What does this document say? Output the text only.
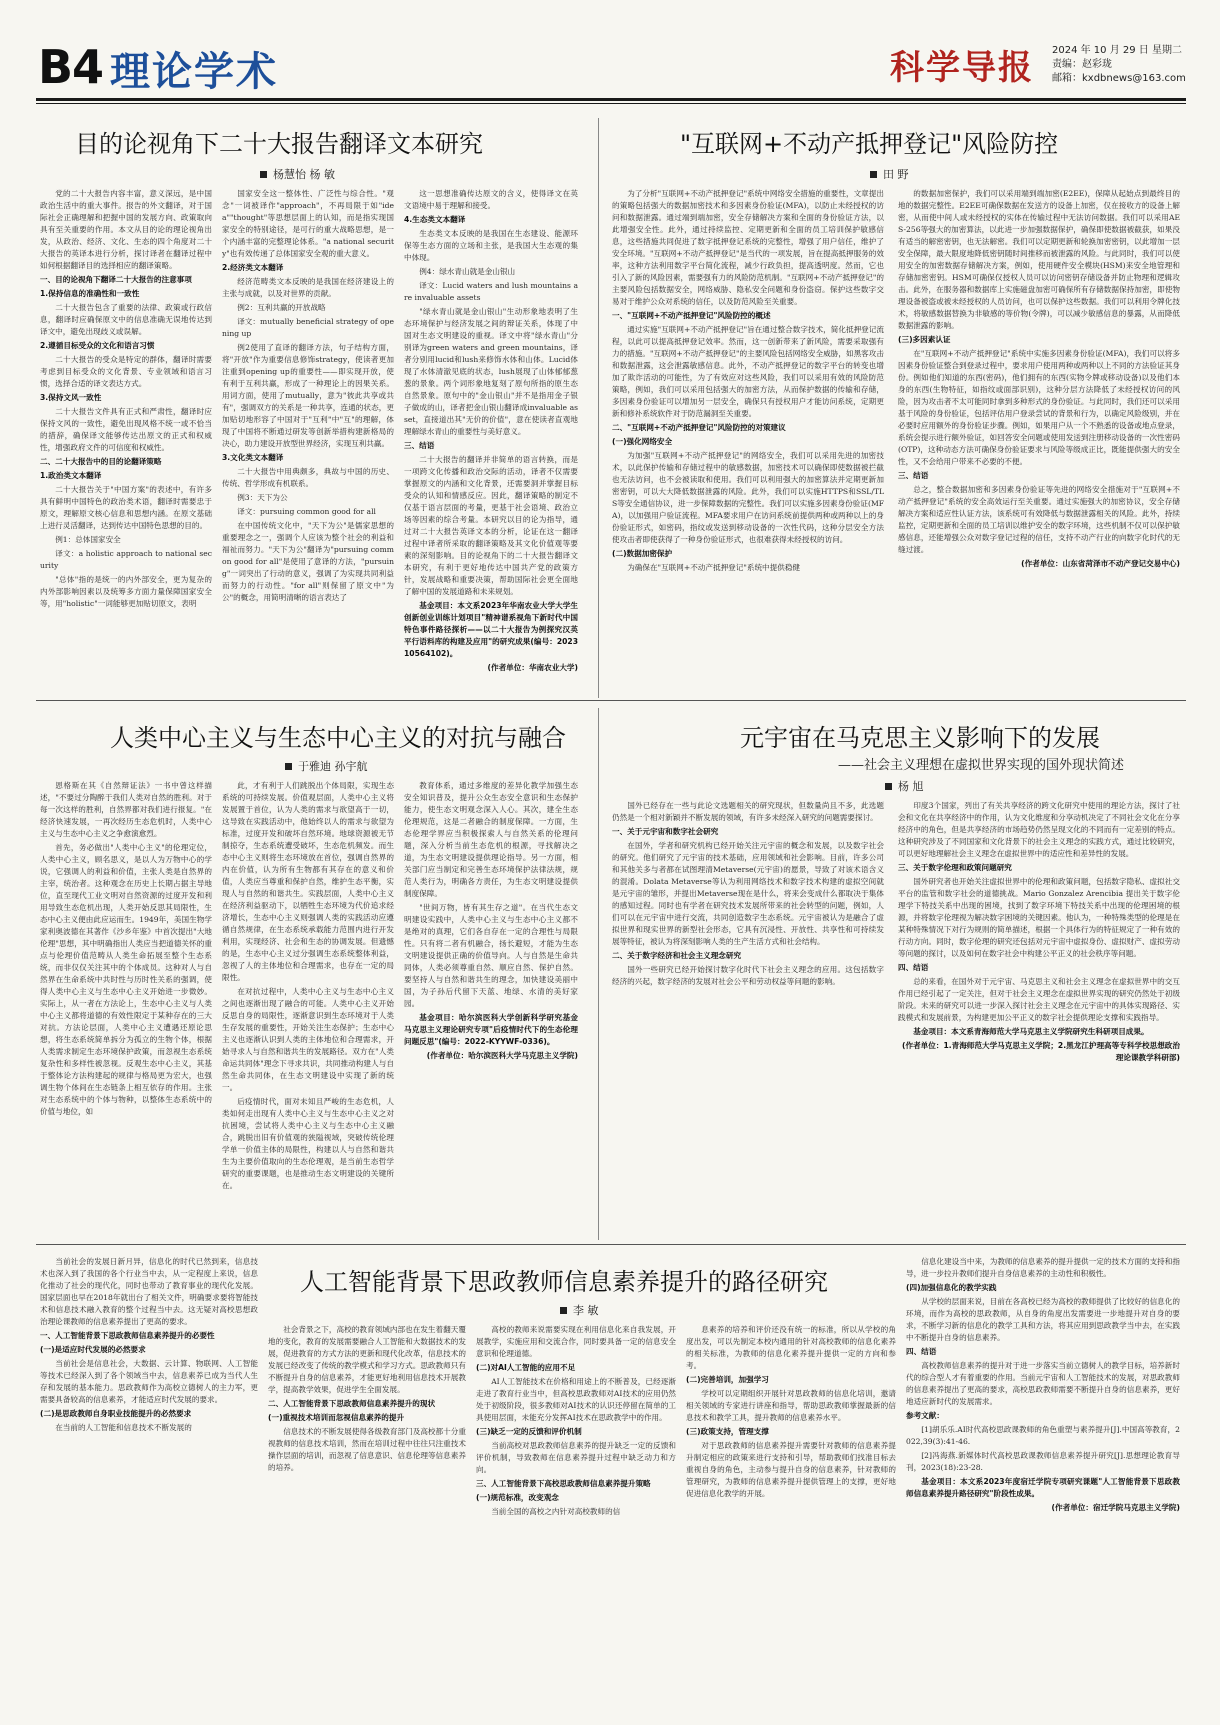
B4 理论学术	科学导报 2024 年 10 月 29 日 星期二
责编：赵彩珑
邮箱：kxdbnews@163.com
目的论视角下二十大报告翻译文本研究
杨慧怡 杨 敏

党的二十大报告内容丰富，意义深远，是中国政治生活中的重大事件。报告的外文翻译，对于国际社会正确理解和把握中国的发展方向、政策取向具有至关重要的作用。本文从目的论的理论视角出发，从政治、经济、文化、生态的四个角度对二十大报告的英译本进行分析，探讨译者在翻译过程中如何根据翻译目的选择相应的翻译策略。

一、目的论视角下翻译二十大报告的注意事项

1.保持信息的准确性和一致性

二十大报告包含了重要的法律、政策或行政信息，翻译时应确保原文中的信息准确无误地传达到译文中，避免出现歧义或误解。

2.遵循目标受众的文化和语言习惯

二十大报告的受众是特定的群体，翻译时需要考虑到目标受众的文化背景、专业领域和语言习惯，选择合适的译文表达方式。

3.保持文风一致性

二十大报告文件具有正式和严肃性，翻译时应保持文风的一致性，避免出现风格不统一或不恰当的措辞，确保译文能够传达出原文的正式和权威性，增强政府文件的可信度和权威性。

二、二十大报告中的目的论翻译策略

1.政治类文本翻译

二十大报告关于"中国方案"的表述中，有许多具有鲜明中国特色的政治类术语，翻译时需要忠于原文，理解原文核心信息和思想内涵。在原文基础上进行灵活翻译，达到传达中国特色思想的目的。

例1：总体国家安全

译文：a holistic approach to national security

"总体"指的是统一的内外部安全，更为复杂的内外部影响因素以及统筹多方面力量保障国家安全等，用"holistic"一词能够更加贴切原文，表明

国家安全这一整体性、广泛性与综合性。"观念"一词被译作"approach"，不再局限于如"idea""thought"等思想层面上的认知，而是指实现国家安全的特别途径，是可行的重大战略思想，是一个内涵丰富的完整理论体系。"a national security"也有效传递了总体国家安全观的重大意义。

2.经济类文本翻译

经济范畴类文本反映的是我国在经济建设上的主张与成就，以及对世界的贡献。

例2：互利共赢的开放战略

译文：mutually beneficial strategy of opening up

例2使用了直译的翻译方法，句子结构方面，将"开放"作为重要信息修饰strategy，使读者更加注重到opening up的重要性——即实现开放，使有利于互利共赢，形成了一种理论上的因果关系。用词方面，使用了mutually，意为"彼此共享或共有"，强调双方的关系是一种共享，连通的状态，更加贴切地形容了中国对于"互利"中"互"的理解，体现了中国将不断通过研发等创新举措构建新格局的决心，助力建设开放型世界经济，实现互利共赢。

3.文化类文本翻译

二十大报告中用典颇多，典故与中国的历史、传统、哲学形成有机联系。

例3：天下为公

译文：pursuing common good for all

在中国传统文化中，"天下为公"是儒家思想的重要理念之一，强调个人应该为整个社会的利益和福祉而努力。"天下为公"翻译为"pursuing common good for all"是使用了意译的方法，"pursuing"一词突出了行动的意义，强调了为实现共同利益而努力的行动性。"for all"则保留了原文中"为公"的概念，用简明清晰的语言表达了

这一思想准确传达原文的含义，使得译文在英文语境中易于理解和接受。

4.生态类文本翻译

生态类文本反映的是我国在生态建设、能源环保等生态方面的立场和主张，是我国大生态观的集中体现。

例4：绿水青山就是金山银山

译文：Lucid waters and lush mountains are invaluable assets

"绿水青山就是金山银山"生动形象地表明了生态环境保护与经济发展之间的辩证关系，体现了中国对生态文明建设的重视。译文中将"绿水青山"分别译为green waters and green mountains，译者分别用lucid和lush来修饰水体和山体。Lucid体现了水体清澈见底的状态，lush展现了山体郁郁葱葱的景象。两个词形象地复刻了原句所指的原生态自然景象。原句中的"金山银山"并不是指用金子银子做成的山，译者把金山银山翻译成invaluable asset，直接道出其"无价的价值"，意在使读者直观地理解绿水青山的重要性与美好意义。

三、结语

二十大报告的翻译并非简单的语言转换，而是一项跨文化传播和政治交际的活动，译者不仅需要掌握原文的内涵和文化背景，还需要洞并掌握目标受众的认知和情感反应。因此，翻译策略的制定不仅基于语言层面的考量，更基于社会语境、政治立场等因素的综合考量。本研究以目的论为指导，通过对二十大报告英译文本的分析，论证在这一翻译过程中译者所采取的翻译策略及其文化价值观等要素的深刻影响。目的论视角下的二十大报告翻译文本研究，有利于更好地传达中国共产党的政策方针，发展战略和重要决策，帮助国际社会更全面地了解中国的发展道路和未来规划。

基金项目：本文系2023年华南农业大学大学生创新创业训练计划项目"精神谱系视角下新时代中国特色事件路径探析——以二十大报告为例探究汉英平行语料库的构建及应用"的研究成果(编号：202310564102)。

(作者单位：华南农业大学)

"互联网+不动产抵押登记"风险防控
田 野

为了分析"互联网+不动产抵押登记"系统中网络安全措施的重要性，文章提出的策略包括强大的数据加密技术和多因素身份验证(MFA)，以防止未经授权的访问和数据泄露。通过端到端加密，安全存储解决方案和全面的身份验证方法，以此增强安全性。此外，通过持续监控、定期更新和全面的员工培训保护敏感信息，这些措施共同促进了数字抵押登记系统的完整性，增强了用户信任，维护了安全环境。"互联网+不动产抵押登记"是当代的一项发展，旨在提高抵押服务的效率，这种方法利用数字平台简化流程，减少行政负担，提高透明度。然而，它也引入了新的风险因素，需要强有力的风险防范机制。"互联网+不动产抵押登记"的主要风险包括数据安全，网络威胁、隐私安全问题和身份盗窃。保护这些数字交易对于维护公众对系统的信任，以及防范风险至关重要。

一、"互联网+不动产抵押登记"风险防控的概述

通过实施"互联网+不动产抵押登记"旨在通过整合数字技术，简化抵押登记流程，以此可以提高抵押登记效率。然而，这一创新带来了新风险，需要采取强有力的措施。"互联网+不动产抵押登记"的主要风险包括网络安全威胁，如黑客攻击和数据泄露，这会泄露敏感信息。此外，不动产抵押登记的数字平台的转变也增加了欺诈活动的可能性，为了有效应对这些风险，我们可以采用有效的风险防范策略，例如，我们可以采用包括强大的加密方法，从而保护数据的传输和存储，多因素身份验证可以增加另一层安全，确保只有授权用户才能访问系统，定期更新和修补系统软件对于防范漏洞至关重要。

二、"互联网+不动产抵押登记"风险防控的对策建议

(一)强化网络安全

为加强"互联网+不动产抵押登记"的网络安全，我们可以采用先进的加密技术，以此保护传输和存储过程中的敏感数据，加密技术可以确保即使数据被拦截也无法访问，也不会被读取和使用。我们可以利用强大的加密算法并定期更新加密密钥，可以大大降低数据泄露的风险。此外，我们可以实施HTTPS和SSL/TLS等安全通信协议，进一步保障数据的完整性。我们可以实施多因素身份验证(MFA)，以加强用户验证流程。MFA要求用户在访问系统前提供两种或两种以上的身份验证形式，如密码，指纹或发送到移动设备的一次性代码，这种分层安全方法使攻击者即使获得了一种身份验证形式，也很难获得未经授权的访问。

(二)数据加密保护

为确保在"互联网+不动产抵押登记"系统中提供稳健

的数据加密保护，我们可以采用端到端加密(E2EE)，保障从起始点到最终目的地的数据完整性。E2EE可确保数据在发送方的设备上加密，仅在接收方的设备上解密，从而使中间人或未经授权的实体在传输过程中无法访问数据。我们可以采用AES-256等强大的加密算法，以此进一步加强数据保护，确保即使数据被截获，如果没有适当的解密密钥，也无法解密。我们可以定期更新和轮换加密密钥，以此增加一层安全保障，最大限度地降低密钥随时间推移而被泄露的风险。与此同时，我们可以使用安全的加密数据存储解决方案，例如，使用硬件安全模块(HSM)来安全地管理和存储加密密钥。HSM可确保仅授权人员可以访问密钥存储设备并防止物理和逻辑攻击。此外，在服务器和数据库上实施磁盘加密可确保所有存储数据保持加密，即使物理设备被盗或被未经授权的人员访问，也可以保护这些数据。我们可以利用令牌化技术，将敏感数据替换为非敏感的等价物(令牌)，可以减少敏感信息的暴露，从而降低数据泄露的影响。

(三)多因素认证

在"互联网+不动产抵押登记"系统中实施多因素身份验证(MFA)，我们可以将多因素身份验证整合到登录过程中，要求用户使用两种或两种以上不同的方法验证其身份。例如他们知道的东西(密码)，他们拥有的东西(实物令牌或移动设备)以及他们本身的东西(生物特征，如指纹或面部识别)，这种分层方法降低了未经授权访问的风险，因为攻击者不太可能同时拿到多种形式的身份验证。与此同时，我们还可以采用基于风险的身份验证，包括评估用户登录尝试的背景和行为，以确定风险级别，并在必要时应用额外的身份验证步骤。例如，如果用户从一个不熟悉的设备或地点登录，系统会提示进行额外验证，如回答安全问题或使用发送到注册移动设备的一次性密码(OTP)，这种动态方法可确保身份验证要求与风险等级成正比，既能提供强大的安全性，又不会给用户带来不必要的不便。

三、结语

总之，整合数据加密和多因素身份验证等先进的网络安全措施对于"互联网+不动产抵押登记"系统的安全高效运行至关重要。通过实施强大的加密协议，安全存储解决方案和适应性认证方法，该系统可有效降低与数据泄露相关的风险。此外，持续监控，定期更新和全面的员工培训以维护安全的数字环境，这些机制不仅可以保护敏感信息，还能增强公众对数字登记过程的信任，支持不动产行业的向数字化时代的无缝过渡。

(作者单位：山东省菏泽市不动产登记交易中心)

人类中心主义与生态中心主义的对抗与融合
于雅迪 孙宇航

恩格斯在其《自然辩证法》一书中曾这样描述，"不要过分陶醉于我们人类对自然的胜利。对于每一次这样的胜利，自然界都对我们进行报复。"在经济快速发展，一再次经历生态危机时，人类中心主义与生态中心主义之争愈演愈烈。

首先，务必做出"人类中心主义"的伦理定位，人类中心主义，顾名思义，是以人为万物中心的学说，它强调人的利益和价值，主张人类是自然界的主宰，统治者。这种观念在历史上长期占据主导地位，直至现代工业文明对自然资源的过度开发和利用导致生态危机出现，人类开始反思其局限性，生态中心主义便由此应运而生。1949年，美国生物学家利奥波德在其著作《沙乡年鉴》中首次提出"大地伦理"思想，其中明确指出人类应当把道德关怀的重点与伦理价值范畴从人类生命拓展至整个生态系统，而非仅仅关注其中的个体成员。这种对人与自然界在生命系统中共时性与历时性关系的强调，使得人类中心主义与生态中心主义开始进一步微妙。实际上，从一者在方法论上，生态中心主义与人类中心主义都将道德的有效性限定于某种存在的三大对抗。方法论层面，人类中心主义遭遇还原论思想，将生态系统简单拆分为孤立的生物个体，根据人类需求制定生态环境保护政策，而忽视生态系统复杂性和多样性被忽视。反观生态中心主义，其基于整体论方法构建起的规律与格局更为宏大，也强调生物个体间在生态链条上相互依存的作用。主张对生态系统中的个体与物种，以整体生态系统中的价值与地位，如

此，才有利于人们跳脱出个体局限，实现生态系统的可持续发展。价值观层面，人类中心主义将发展置于首位，认为人类的需求与欲望高于一切，这导致在实践活动中，他始终以人的需求与欲望为标准，过度开发和破坏自然环境。地球资源被无节制掠夺，生态系统遭受破坏，生态危机频发。而生态中心主义则将生态环境放在首位，强调自然界的内在价值，认为所有生物都有其存在的意义和价值，人类应当尊重和保护自然，维护生态平衡，实现人与自然的和谐共生。实践层面，人类中心主义在经济利益驱动下，以牺牲生态环境为代价追求经济增长，生态中心主义则强调人类的实践活动应遵循自然规律，在生态系统承载能力范围内进行开发利用，实现经济、社会和生态的协调发展。但遗憾的是，生态中心主义过分强调生态系统整体利益，忽视了人的主体地位和合理需求，也存在一定的局限性。

在对抗过程中，人类中心主义与生态中心主义之间也逐渐出现了融合的可能。人类中心主义开始反思自身的局限性，逐渐意识到生态环境对于人类生存发展的重要性，开始关注生态保护；生态中心主义也逐渐认识到人类的主体地位和合理需求，开始寻求人与自然和谐共生的发展路径。双方在"人类命运共同体"理念下寻求共识，共同推动构建人与自然生命共同体，在生态文明建设中实现了新的统一。

后疫情时代，面对未知且严峻的生态危机，人类如何走出现有人类中心主义与生态中心主义之对抗困境，尝试将人类中心主义与生态中心主义融合，跳脱出旧有价值观的狭隘视域，突破传统伦理学单一价值主体的局限性，构建以人与自然和谐共生为主要价值取向的生态伦理观，是当前生态哲学研究的重要课题，也是推动生态文明建设的关键所在。

教育体系，通过多维度的差异化教学加强生态安全知识普及，提升公众生态安全意识和生态保护能力，使生态文明观念深入人心。其次，建全生态伦理规范，这是二者融合的制度保障。一方面，生态伦理学界应当积极探索人与自然关系的伦理问题，深入分析当前生态危机的根源，寻找解决之道，为生态文明建设提供理论指导。另一方面，相关部门应当制定和完善生态环境保护法律法规，规范人类行为，明确各方责任，为生态文明建设提供制度保障。

"世间万物，皆有其生存之道"。在当代生态文明建设实践中，人类中心主义与生态中心主义都不是绝对的真理，它们各自存在一定的合理性与局限性。只有将二者有机融合，扬长避短，才能为生态文明建设提供正确的价值导向。人与自然是生命共同体，人类必须尊重自然、顺应自然、保护自然。要坚持人与自然和谐共生的理念，加快建设美丽中国，为子孙后代留下天蓝、地绿、水清的美好家园。

基金项目：哈尔滨医科大学创新科学研究基金马克思主义理论研究专项"后疫情时代下的生态伦理问题反思"(编号：2022-KYYWF-0336)。

(作者单位：哈尔滨医科大学马克思主义学院)

元宇宙在马克思主义影响下的发展
——社会主义理想在虚拟世界实现的国外现状简述
杨 旭

国外已经存在一些与此论文选题相关的研究现状，但数量尚且不多，此选题仍然是一个相对新颖并不断发展的领域，有许多未经深入研究的问题需要探讨。

一、关于元宇宙和数字社会研究

在国外，学者和研究机构已经开始关注元宇宙的概念和发展，以及数字社会的研究。他们研究了元宇宙的技术基础，应用领域和社会影响。目前，许多公司和其他关多与者都在试图理清Metaverse(元宇宙)的愿景，导致了对该术语含义的混淆。Dolata Metaverse等认为利用网络技术和数字技术构建的虚拟空间就是元宇宙的雏形，并提出Metaverse现在是什么，将来会变成什么都取决于集体的感知过程。同时也有学者在研究技术发展所带来的社会转型的问题，例如，人们可以在元宇宙中进行交流，共同创造数字生态系统。元宇宙被认为是融合了虚拟世界和现实世界的新型社会形态，它具有沉浸性、开放性、共享性和可持续发展等特征，被认为将深刻影响人类的生产生活方式和社会结构。

二、关于数字经济和社会主义理念研究

国外一些研究已经开始探讨数字化时代下社会主义理念的应用。这包括数字经济的兴起，数字经济的发展对社会公平和劳动权益等问题的影响。

印度3个国家，列出了有关共享经济的跨文化研究中使用的理论方法，探讨了社会和文化在共享经济中的作用，认为文化维度和分享动机决定了不同社会文化在分享经济中的角色，但是共享经济的市场趋势仍然呈现文化的不同而有一定差别的特点。这种研究涉及了不同国家和文化背景下的社会主义理念的实践方式，通过比较研究，可以更好地理解社会主义理念在虚拟世界中的适应性和差异性的发展。

三、关于数字伦理和政策问题研究

国外研究者也开始关注虚拟世界中的伦理和政策问题，包括数字隐私、虚拟社交平台的监管和数字社会的道德挑战。Mario Gonzalez Arencibia 提出关于数字伦理学下特技关系中出现的困境，找到了数字环境下特技关系中出现的伦理困境的根源，并将数字伦理视为解决数字困境的关键因素。他认为，一种特殊类型的伦理是在某种特殊情况下对行为规则的简单描述，根据一个具体行为的特征规定了一种有效的行动方向。同时，数字伦理的研究还包括对元宇宙中虚拟身份、虚拟财产、虚拟劳动等问题的探讨，以及如何在数字社会中构建公平正义的社会秩序等问题。

四、结语

总的来看，在国外对于元宇宙、马克思主义和社会主义理念在虚拟世界中的交互作用已经引起了一定关注，但对于社会主义理念在虚拟世界实现的研究仍然处于初级阶段。未来的研究可以进一步深入探讨社会主义理念在元宇宙中的具体实现路径、实践模式和发展前景，为构建更加公平正义的数字社会提供理论支撑和实践指导。

基金项目：本文系青海师范大学马克思主义学院研究生科研项目成果。

(作者单位：1.青海师范大学马克思主义学院；2.黑龙江护理高等专科学校思想政治理论课教学科研部)

当前社会的发展日新月异，信息化的时代已然到来，信息技术也深入到了我国的各个行业当中去，从一定程度上来说，信息化推动了社会的现代化，同时也带动了教育事业的现代化发展。国家层面也早在2018年就出台了相关文件，明确要求要将智能技术和信息技术融入教育的整个过程当中去。这无疑对高校思想政治理论课教师的信息素养提出了更高的要求。

一、人工智能背景下思政教师信息素养提升的必要性

(一)是适应时代发展的必然要求

当前社会是信息社会，大数据、云计算、物联网、人工智能等技术已经深入到了各个领域当中去，信息素养已成为当代人生存和发展的基本能力。思政教师作为高校立德树人的主力军，更需要具备较高的信息素养，才能适应时代发展的要求。

(二)是思政教师自身职业技能提升的必然要求

在当前的人工智能和信息技术不断发展的

人工智能背景下思政教师信息素养提升的路径研究
李 敏

社会背景之下，高校的教育领域内部也在发生着翻天覆地的变化，教育的发展需要融合人工智能和大数据技术的发展，促进教育的方式方法的更新和现代化改革，信息技术的发展已经改变了传统的教学模式和学习方式。思政教师只有不断提升自身的信息素养，才能更好地利用信息技术开展教学，提高教学效果，促进学生全面发展。

二、人工智能背景下思政教师信息素养提升的现状

(一)重视技术培训而忽视信息素养的提升

信息技术的不断发展使得各级教育部门及高校都十分重视教师的信息技术培训，然而在培训过程中往往只注重技术操作层面的培训，而忽视了信息意识、信息伦理等信息素养的培养。

高校的教师来说需要实现在利用信息化来自我发展，开展教学，实施应用和交流合作，同时要具备一定的信息安全意识和伦理道德。

(二)对AI人工智能的应用不足

AI人工智能技术在价格和用途上的不断普及，已经逐渐走进了教育行业当中，但高校思政教师对AI技术的应用仍然处于初级阶段，很多教师对AI技术的认识还停留在简单的工具使用层面，未能充分发挥AI技术在思政教学中的作用。

(三)缺乏一定的反馈和评价机制

当前高校对思政教师信息素养的提升缺乏一定的反馈和评价机制，导致教师在信息素养提升过程中缺乏动力和方向。

三、人工智能背景下高校思政教师信息素养提升策略

(一)规范标准，改变观念

当前全国的高校之内针对高校教师的信

息素养的培养和评价还没有统一的标准，所以从学校的角度出发，可以先制定本校内通用的针对高校教师的信息化素养的相关标准，为教师的信息化素养提升提供一定的方向和参考。

(二)完善培训，加强学习

学校可以定期组织开展针对思政教师的信息化培训，邀请相关领域的专家进行讲座和指导，帮助思政教师掌握最新的信息技术和教学工具，提升教师的信息素养水平。

(三)政策支持，管理支撑

对于思政教师的信息素养提升需要针对教师的信息素养提升制定相应的政策来进行支持和引导，帮助教师们找准目标去重视自身的角色，主动参与提升自身的信息素养，针对教师的管理研究，为教师的信息素养提升提供管理上的支撑，更好地促进信息化教学的开展。

信息化建设当中来，为教师的信息素养的提升提供一定的技术方面的支持和指导，进一步拉升教师们提升自身信息素养的主动性和积极性。

(四)加强信息化的教学实践

从学校的层面来说，目前在各高校已经为高校的教师提供了比较好的信息化的环境，而作为高校的思政教师，从自身的角度出发需要进一步地提升对自身的要求，不断学习新的信息化的教学工具和方法，将其应用到思政教学当中去，在实践中不断提升自身的信息素养。

四、结语

高校教师信息素养的提升对于进一步落实当前立德树人的教学目标，培养新时代的综合型人才有着重要的作用。当前元宇宙和人工智能技术的发展，对思政教师的信息素养提出了更高的要求，高校思政教师需要不断提升自身的信息素养，更好地适应新时代的发展需求。

参考文献：

[1]胡乐乐.AI时代高校思政课教师的角色重塑与素养提升[J].中国高等教育，2022,39(3):41-46.

[2]冯海燕.新媒体时代高校思政课教师信息素养提升研究[J].思想理论教育导刊，2023(18):23-28.

基金项目：本文系2023年度宿迁学院专项研究课题"人工智能背景下思政教师信息素养提升路径研究"阶段性成果。

(作者单位：宿迁学院马克思主义学院)
